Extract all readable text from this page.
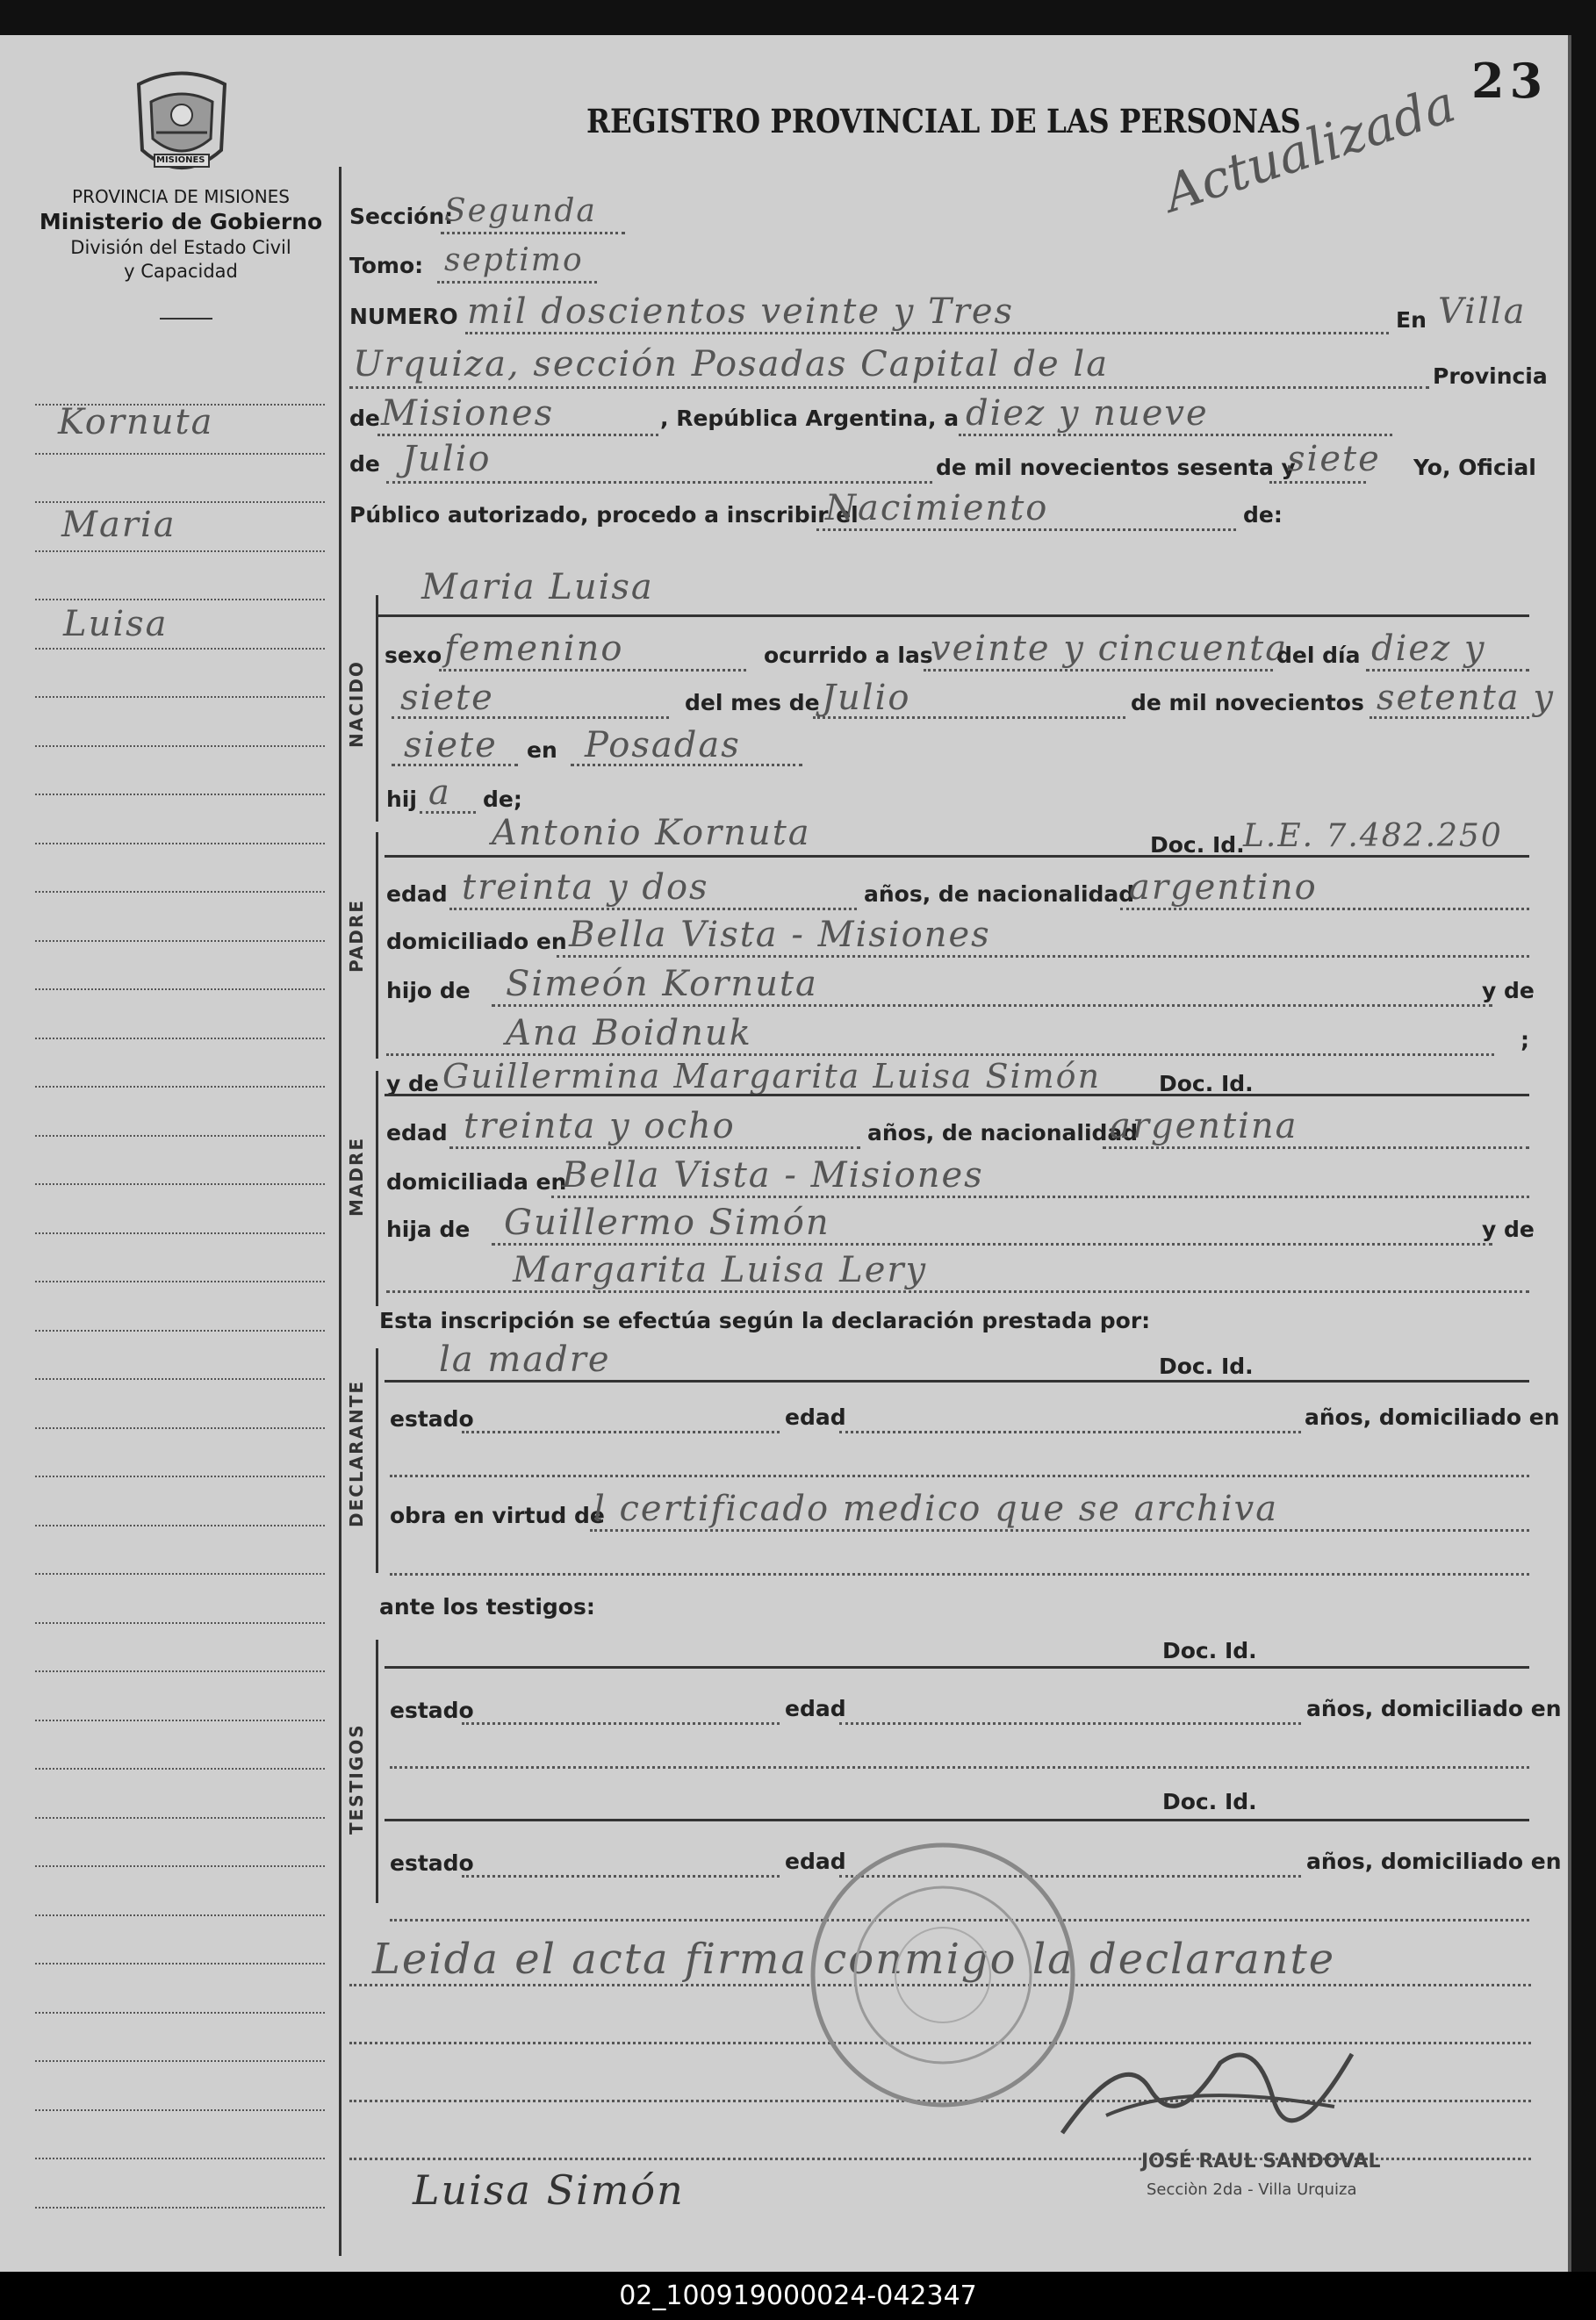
MISIONES
PROVINCIA DE MISIONES
Ministerio de Gobierno
División del Estado Civil
y Capacidad
REGISTRO PROVINCIAL DE LAS PERSONAS
23
Actualizada
Kornuta
Maria
Luisa
Sección:
Segunda
Tomo: septimo
NUMERO mil doscientos veinte y Tres	En Villa
Urquiza, sección Posadas Capital de la	Provincia
de Misiones	, República Argentina, a diez y nueve
de Julio	de mil novecientos sesenta y
siete Yo, Oficial
Público autorizado, procedo a inscribir el
Nacimiento	de:
NACIDO
Maria Luisa
sexo femenino	ocurrido a las
veinte y cincuenta
del día diez y
siete	del mes de Julio	de mil novecientos setenta y
siete en Posadas
hij a de;
PADRE
Antonio Kornuta	Doc. Id.
L.E. 7.482.250
edad treinta y dos	años, de nacionalidad
argentino
domiciliado en Bella Vista - Misiones
hijo de Simeón Kornuta	y de
Ana Boidnuk	;
MADRE
y de Guillermina Margarita Luisa Simón	Doc. Id.
edad treinta y ocho	años, de nacionalidad
argentina
domiciliada en
Bella Vista - Misiones
hija de Guillermo Simón	y de
Margarita Luisa Lery
Esta inscripción se efectúa según la declaración prestada por:
DECLARANTE
la madre	Doc. Id.
estado	edad	años, domiciliado en
obra en virtud de
l certificado medico que se archiva
ante los testigos:
TESTIGOS
Doc. Id.
estado	edad	años, domiciliado en
Doc. Id.
estado	edad	años, domiciliado en
Leida el acta firma conmigo la declarante
JOSÉ RAUL SANDOVAL
Secciòn 2da - Villa Urquiza
Luisa Simón
02_100919000024-042347
